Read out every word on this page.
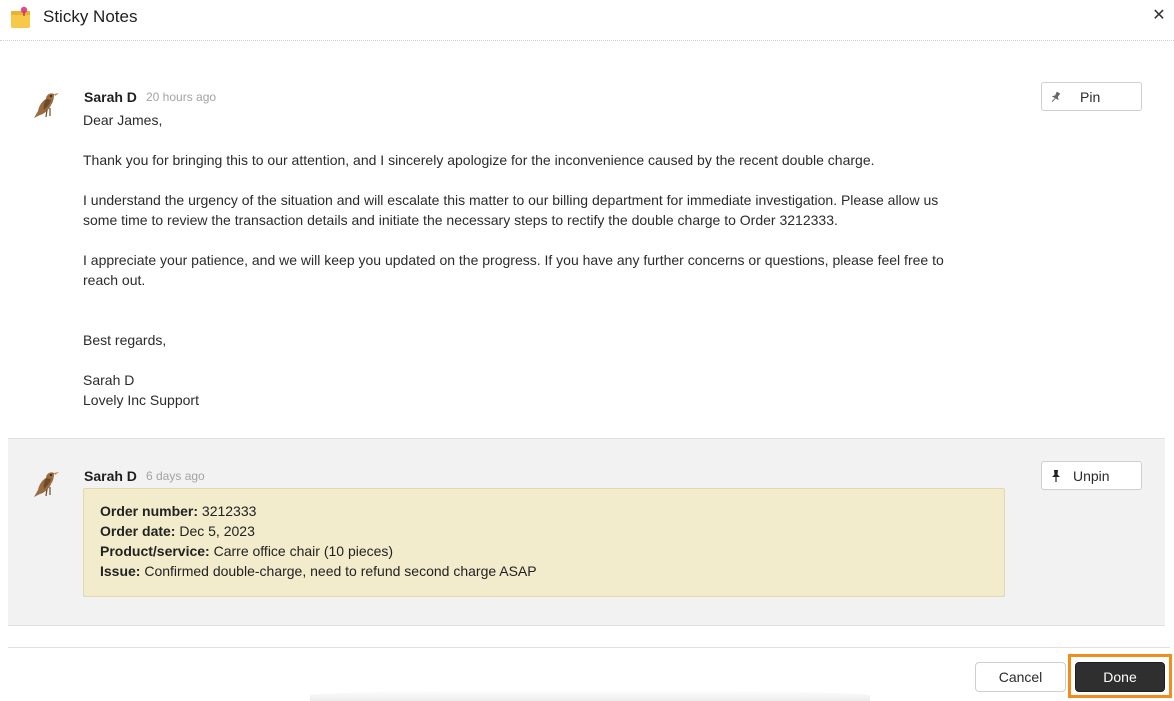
Sticky Notes	✕
Sarah D 20 hours ago	Pin
Dear James,
Thank you for bringing this to our attention, and I sincerely apologize for the inconvenience caused by the recent double charge.
I understand the urgency of the situation and will escalate this matter to our billing department for immediate investigation. Please allow us
some time to review the transaction details and initiate the necessary steps to rectify the double charge to Order 3212333.
I appreciate your patience, and we will keep you updated on the progress. If you have any further concerns or questions, please feel free to
reach out.
Best regards,
Sarah D
Lovely Inc Support
Sarah D 6 days ago	Unpin
Order number: 3212333
Order date: Dec 5, 2023
Product/service: Carre office chair (10 pieces)
Issue: Confirmed double-charge, need to refund second charge ASAP
Cancel	Done
